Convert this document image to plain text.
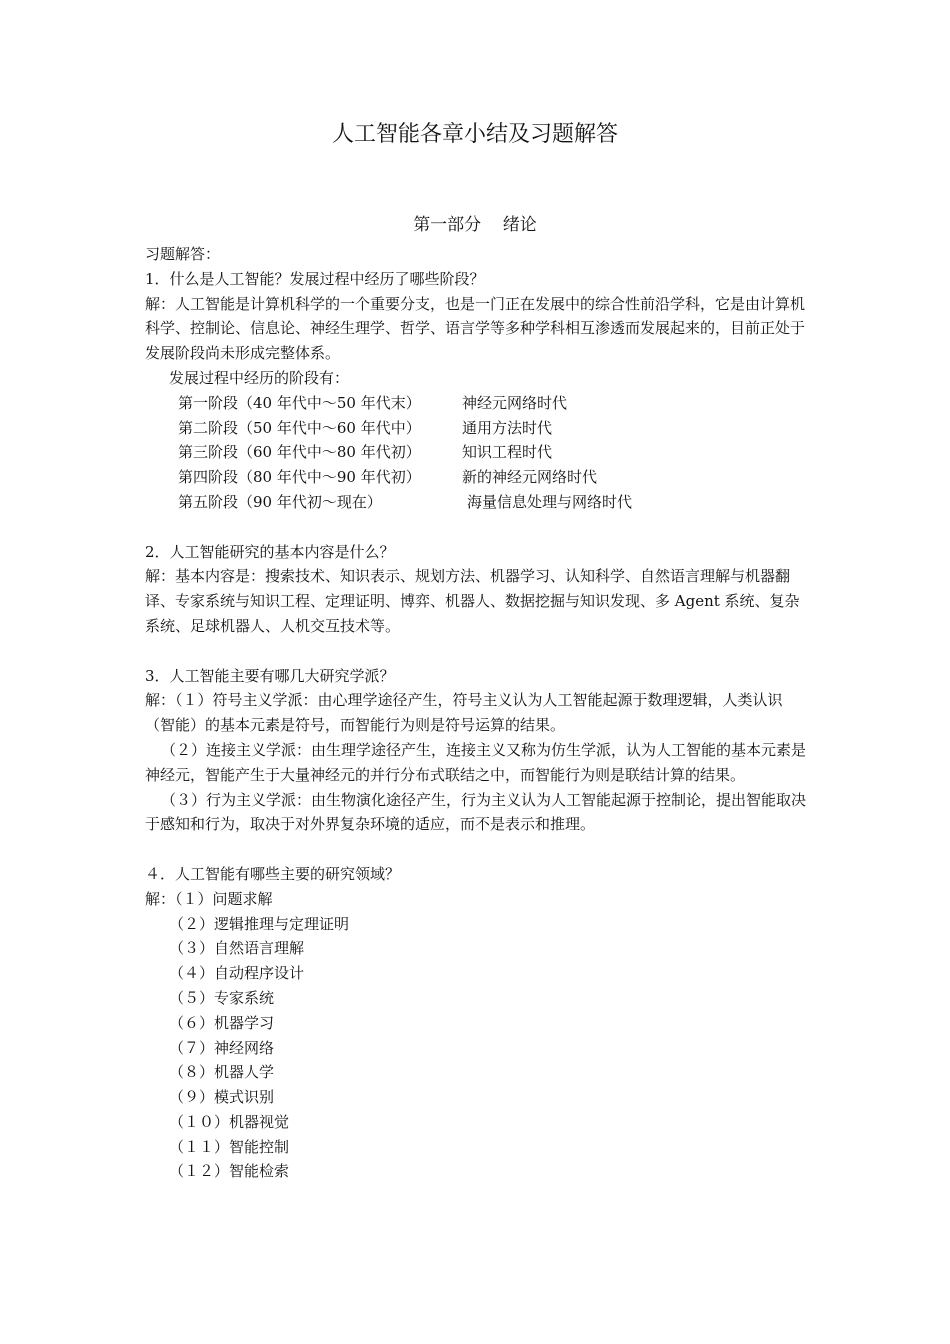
人工智能各章小结及习题解答
第一部分    绪论

习题解答：

1．什么是人工智能？发展过程中经历了哪些阶段？

解：人工智能是计算机科学的一个重要分支，也是一门正在发展中的综合性前沿学科，它是由计算机科学、控制论、信息论、神经生理学、哲学、语言学等多种学科相互渗透而发展起来的，目前正处于发展阶段尚未形成完整体系。

发展过程中经历的阶段有：

第一阶段（40 年代中～50 年代末）	神经元网络时代
第二阶段（50 年代中～60 年代中）	通用方法时代
第三阶段（60 年代中～80 年代初）	知识工程时代
第四阶段（80 年代中～90 年代初）	新的神经元网络时代
第五阶段（90 年代初～现在）	海量信息处理与网络时代

2．人工智能研究的基本内容是什么？

解：基本内容是：搜索技术、知识表示、规划方法、机器学习、认知科学、自然语言理解与机器翻译、专家系统与知识工程、定理证明、博弈、机器人、数据挖掘与知识发现、多 Agent 系统、复杂系统、足球机器人、人机交互技术等。

3．人工智能主要有哪几大研究学派？

解：（１）符号主义学派：由心理学途径产生，符号主义认为人工智能起源于数理逻辑，人类认识（智能）的基本元素是符号，而智能行为则是符号运算的结果。

（２）连接主义学派：由生理学途径产生，连接主义又称为仿生学派，认为人工智能的基本元素是神经元，智能产生于大量神经元的并行分布式联结之中，而智能行为则是联结计算的结果。

（３）行为主义学派：由生物演化途径产生，行为主义认为人工智能起源于控制论，提出智能取决于感知和行为，取决于对外界复杂环境的适应，而不是表示和推理。

４．人工智能有哪些主要的研究领域？

解：（１）问题求解

（２）逻辑推理与定理证明

（３）自然语言理解

（４）自动程序设计

（５）专家系统

（６）机器学习

（７）神经网络

（８）机器人学

（９）模式识别

（１０）机器视觉

（１１）智能控制

（１２）智能检索
